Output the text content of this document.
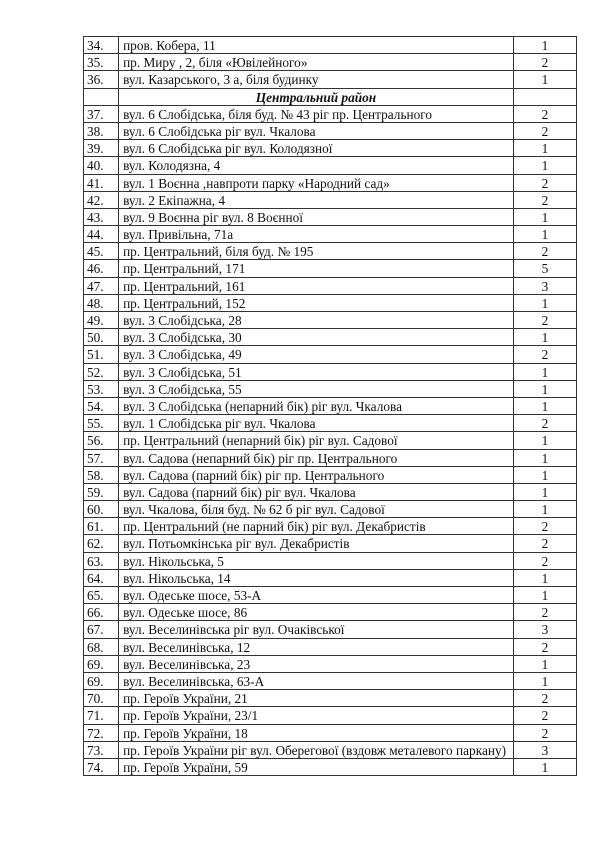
34.	пров. Кобера, 11	1
35.	пр. Миру , 2, біля «Ювілейного»	2
36.	вул. Казарського, 3 а, біля будинку	1
	Центральний район	
37.	вул. 6 Слобідська, біля буд. № 43 ріг пр. Центрального	2
38.	вул. 6 Слобідська ріг вул. Чкалова	2
39.	вул. 6 Слобідська ріг вул. Колодязної	1
40.	вул. Колодязна, 4	1
41.	вул. 1 Воєнна ,навпроти парку «Народний сад»	2
42.	вул. 2 Екіпажна, 4	2
43.	вул. 9 Воєнна ріг вул. 8 Воєнної	1
44.	вул. Привільна, 71а	1
45.	пр. Центральний, біля буд. № 195	2
46.	пр. Центральний, 171	5
47.	пр. Центральний, 161	3
48.	пр. Центральний, 152	1
49.	вул. 3 Слобідська, 28	2
50.	вул. 3 Слобідська, 30	1
51.	вул. 3 Слобідська, 49	2
52.	вул. 3 Слобідська, 51	1
53.	вул. 3 Слобідська, 55	1
54.	вул. 3 Слобідська (непарний бік) ріг вул. Чкалова	1
55.	вул. 1 Слобідська ріг вул. Чкалова	2
56.	пр. Центральний (непарний бік) ріг вул. Садової	1
57.	вул. Садова (непарний бік) ріг пр. Центрального	1
58.	вул. Садова (парний бік) ріг пр. Центрального	1
59.	вул. Садова (парний бік) ріг вул. Чкалова	1
60.	вул. Чкалова, біля буд. № 62 б ріг вул. Садової	1
61.	пр. Центральний (не парний бік) ріг вул. Декабристів	2
62.	вул. Потьомкінська ріг вул. Декабристів	2
63.	вул. Нікольська, 5	2
64.	вул. Нікольська, 14	1
65.	вул. Одеське шосе, 53-А	1
66.	вул. Одеське шосе, 86	2
67.	вул. Веселинівська ріг вул. Очаківської	3
68.	вул. Веселинівська, 12	2
69.	вул. Веселинівська, 23	1
69.	вул. Веселинівська, 63-А	1
70.	пр. Героїв України, 21	2
71.	пр. Героїв України, 23/1	2
72.	пр. Героїв України, 18	2
73.	пр. Героїв України ріг вул. Оберегової (вздовж металевого паркану)	3
74.	пр. Героїв України, 59	1
